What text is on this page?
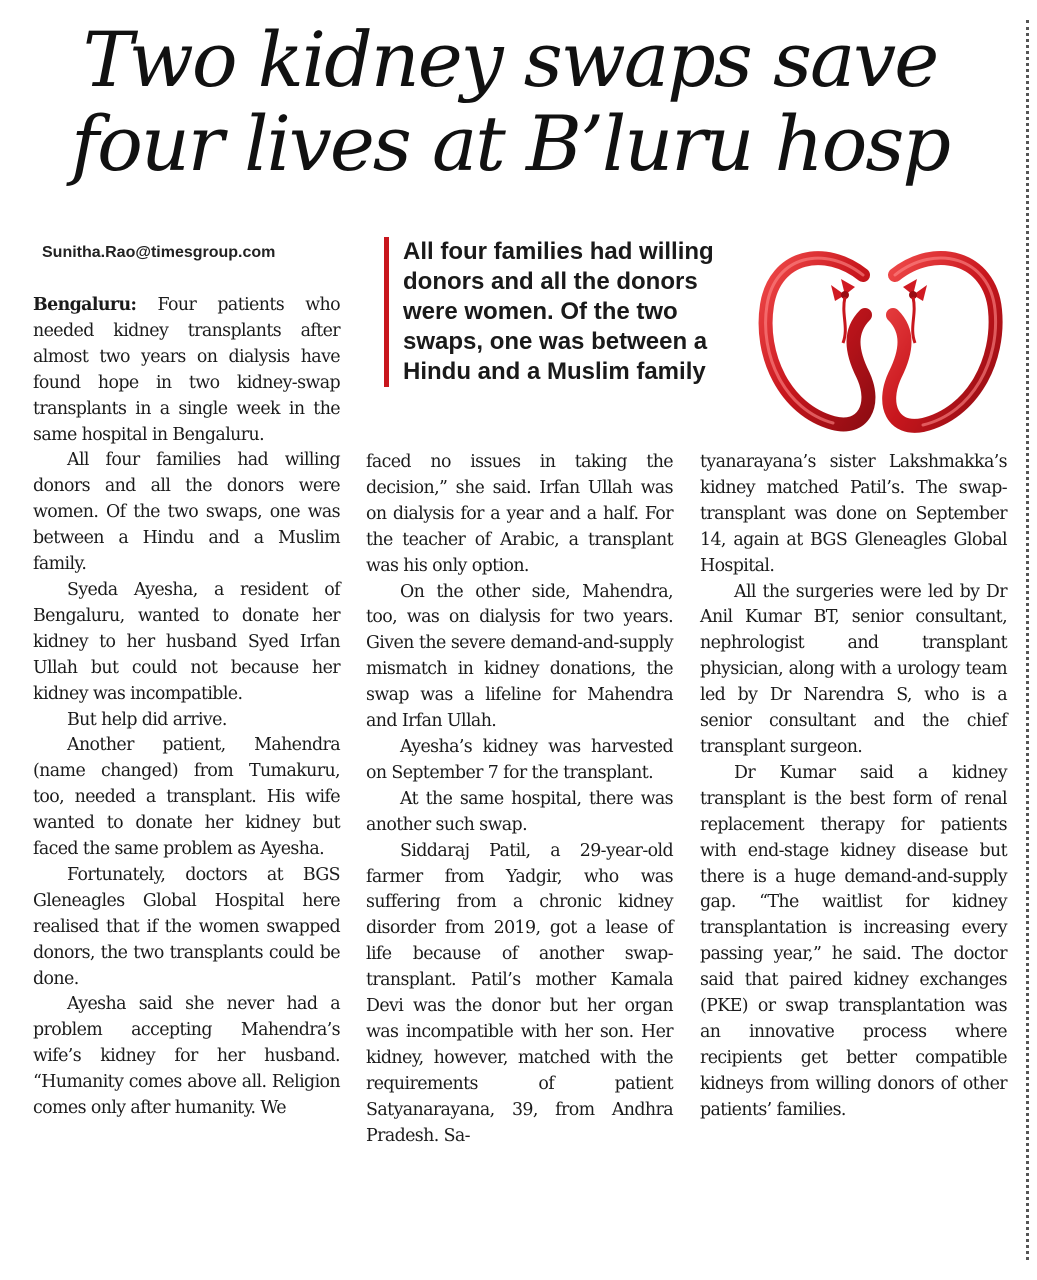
Two kidney swaps save
four lives at B’luru hosp
Sunitha.Rao@timesgroup.com	All four families had willing donors and all the donors were women. Of the two swaps, one was between a Hindu and a Muslim family

Bengaluru: Four patients who needed kidney transplants after almost two years on dialysis have found hope in two kidney-swap transplants in a single week in the same hospital in Bengaluru.

All four families had willing donors and all the donors were women. Of the two swaps, one was between a Hindu and a Muslim family.

Syeda Ayesha, a resident of Bengaluru, wanted to donate her kidney to her husband Syed Irfan Ullah but could not because her kidney was incompatible.

But help did arrive.

Another patient, Mahendra (name changed) from Tumakuru, too, needed a transplant. His wife wanted to donate her kidney but faced the same problem as Ayesha.

Fortunately, doctors at BGS Gleneagles Global Hospital here realised that if the women swapped donors, the two transplants could be done.

Ayesha said she never had a problem accepting Mahendra’s wife’s kidney for her husband. “Humanity comes above all. Religion comes only after humanity. We

faced no issues in taking the decision,” she said. Irfan Ullah was on dialysis for a year and a half. For the teacher of Arabic, a transplant was his only option.

On the other side, Mahendra, too, was on dialysis for two years. Given the severe demand-and-supply mismatch in kidney donations, the swap was a lifeline for Mahendra and Irfan Ullah.

Ayesha’s kidney was harvested on September 7 for the transplant.

At the same hospital, there was another such swap.

Siddaraj Patil, a 29-year-old farmer from Yadgir, who was suffering from a chronic kidney disorder from 2019, got a lease of life because of another swap-transplant. Patil’s mother Kamala Devi was the donor but her organ was incompatible with her son. Her kidney, however, matched with the requirements of patient Satyanarayana, 39, from Andhra Pradesh. Sa-

tyanarayana’s sister Lakshmakka’s kidney matched Patil’s. The swap-transplant was done on September 14, again at BGS Gleneagles Global Hospital.

All the surgeries were led by Dr Anil Kumar BT, senior consultant, nephrologist and transplant physician, along with a urology team led by Dr Narendra S, who is a senior consultant and the chief transplant surgeon.

Dr Kumar said a kidney transplant is the best form of renal replacement therapy for patients with end-stage kidney disease but there is a huge demand-and-supply gap. “The waitlist for kidney transplantation is increasing every passing year,” he said. The doctor said that paired kidney exchanges (PKE) or swap transplantation was an innovative process where recipients get better compatible kidneys from willing donors of other patients’ families.
